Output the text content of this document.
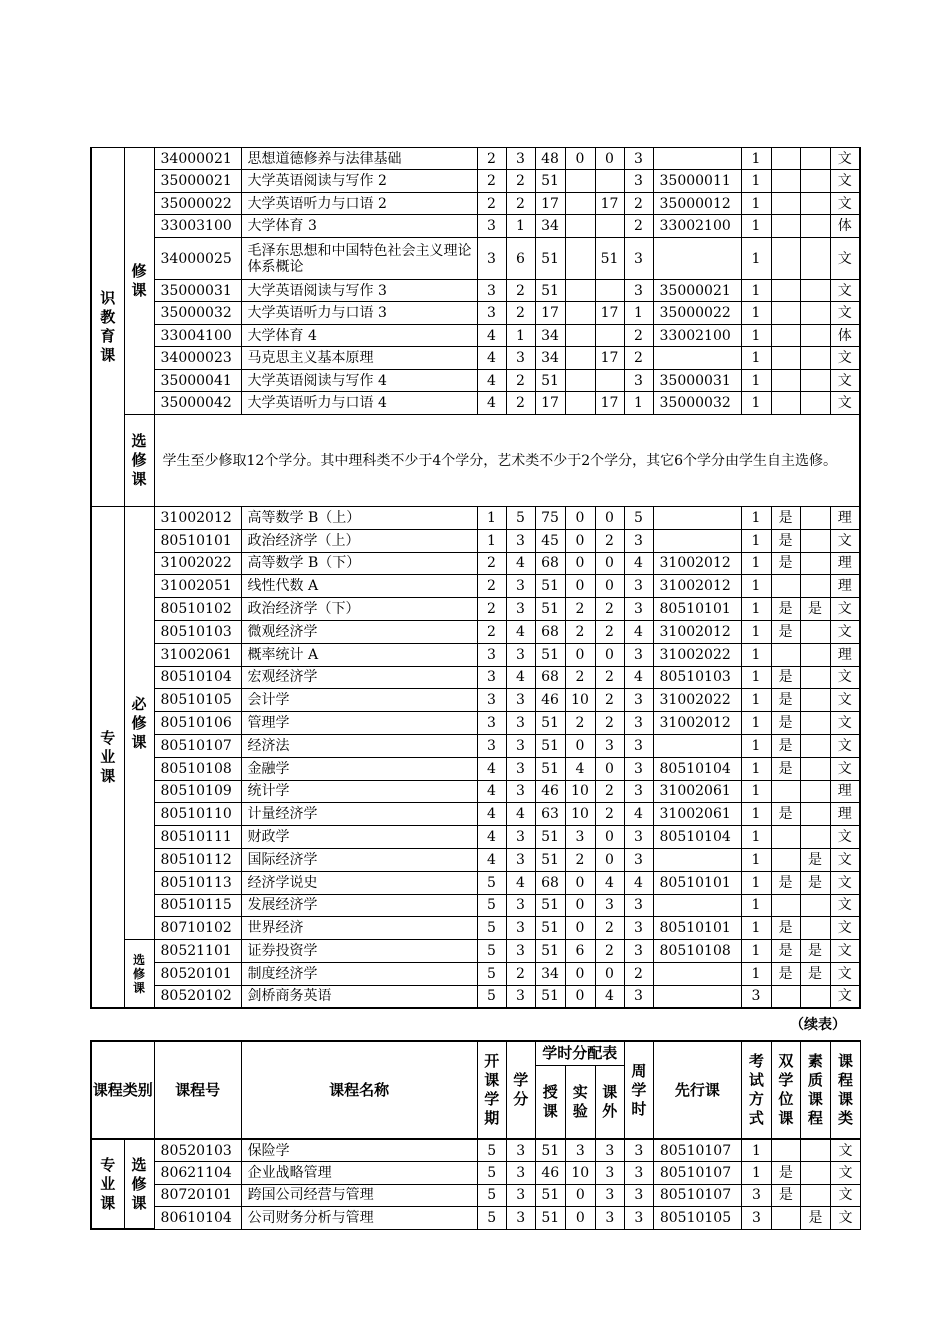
识教育课	修课	34000021	思想道德修养与法律基础	2	3	48	0	0	3		1			文
		35000021	大学英语阅读与写作 2	2	2	51			3	35000011	1			文
		35000022	大学英语听力与口语 2	2	2	17		17	2	35000012	1			文
		33003100	大学体育 3	3	1	34			2	33002100	1			体
		34000025	毛泽东思想和中国特色社会主义理论体系概论	3	6	51		51	3		1			文
		35000031	大学英语阅读与写作 3	3	2	51			3	35000021	1			文
		35000032	大学英语听力与口语 3	3	2	17		17	1	35000022	1			文
		33004100	大学体育 4	4	1	34			2	33002100	1			体
		34000023	马克思主义基本原理	4	3	34		17	2		1			文
		35000041	大学英语阅读与写作 4	4	2	51			3	35000031	1			文
		35000042	大学英语听力与口语 4	4	2	17		17	1	35000032	1			文
	选修课	学生至少修取12个学分。其中理科类不少于4个学分，艺术类不少于2个学分，其它6个学分由学生自主选修。												
专业课	必修课	31002012	高等数学 B（上）	1	5	75	0	0	5		1	是		理
		80510101	政治经济学（上）	1	3	45	0	2	3		1	是		文
		31002022	高等数学 B（下）	2	4	68	0	0	4	31002012	1	是		理
		31002051	线性代数 A	2	3	51	0	0	3	31002012	1			理
		80510102	政治经济学（下）	2	3	51	2	2	3	80510101	1	是	是	文
		80510103	微观经济学	2	4	68	2	2	4	31002012	1	是		文
		31002061	概率统计 A	3	3	51	0	0	3	31002022	1			理
		80510104	宏观经济学	3	4	68	2	2	4	80510103	1	是		文
		80510105	会计学	3	3	46	10	2	3	31002022	1	是		文
		80510106	管理学	3	3	51	2	2	3	31002012	1	是		文
		80510107	经济法	3	3	51	0	3	3		1	是		文
		80510108	金融学	4	3	51	4	0	3	80510104	1	是		文
		80510109	统计学	4	3	46	10	2	3	31002061	1			理
		80510110	计量经济学	4	4	63	10	2	4	31002061	1	是		理
		80510111	财政学	4	3	51	3	0	3	80510104	1			文
		80510112	国际经济学	4	3	51	2	0	3		1		是	文
		80510113	经济学说史	5	4	68	0	4	4	80510101	1	是	是	文
		80510115	发展经济学	5	3	51	0	3	3		1			文
		80710102	世界经济	5	3	51	0	2	3	80510101	1	是		文
	选修课	80521101	证券投资学	5	3	51	6	2	3	80510108	1	是	是	文
		80520101	制度经济学	5	2	34	0	0	2		1	是	是	文
		80520102	剑桥商务英语	5	3	51	0	4	3		3			文
（续表）
课程类别		课程号	课程名称	开课学期	学分	学时分配表			周学时	先行课	考试方式	双学位课	素质课程	课程课类
						授课	实验	课外						
专业课	选修课	80520103	保险学	5	3	51	3	3	3	80510107	1			文
		80621104	企业战略管理	5	3	46	10	3	3	80510107	1	是		文
		80720101	跨国公司经营与管理	5	3	51	0	3	3	80510107	3	是		文
		80610104	公司财务分析与管理	5	3	51	0	3	3	80510105	3		是	文
